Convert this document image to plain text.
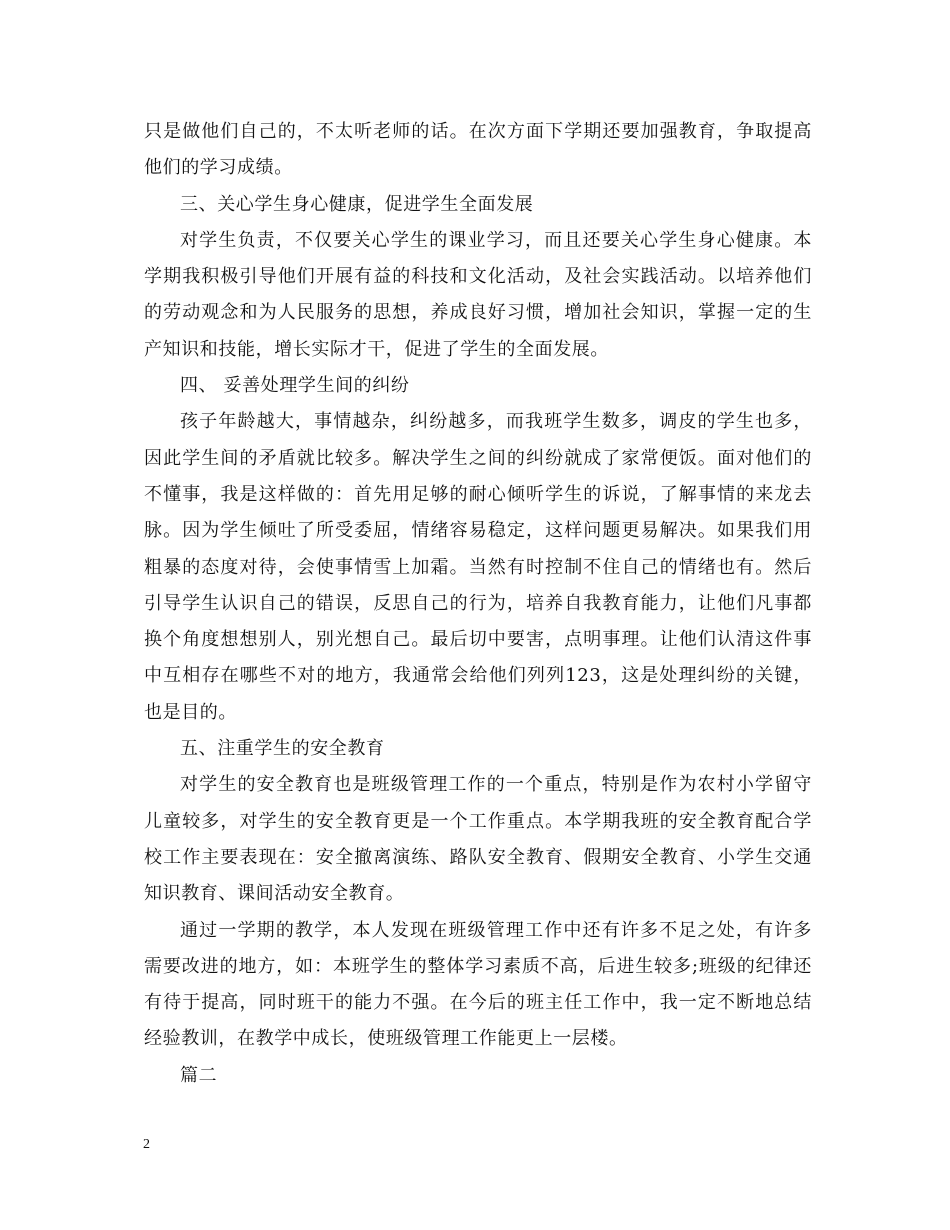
只是做他们自己的，不太听老师的话。在次方面下学期还要加强教育，争取提高他们的学习成绩。

三、关心学生身心健康，促进学生全面发展

对学生负责，不仅要关心学生的课业学习，而且还要关心学生身心健康。本学期我积极引导他们开展有益的科技和文化活动，及社会实践活动。以培养他们的劳动观念和为人民服务的思想，养成良好习惯，增加社会知识，掌握一定的生产知识和技能，增长实际才干，促进了学生的全面发展。

四、 妥善处理学生间的纠纷

孩子年龄越大，事情越杂，纠纷越多，而我班学生数多，调皮的学生也多，因此学生间的矛盾就比较多。解决学生之间的纠纷就成了家常便饭。面对他们的不懂事，我是这样做的：首先用足够的耐心倾听学生的诉说，了解事情的来龙去脉。因为学生倾吐了所受委屈，情绪容易稳定，这样问题更易解决。如果我们用粗暴的态度对待，会使事情雪上加霜。当然有时控制不住自己的情绪也有。然后引导学生认识自己的错误，反思自己的行为，培养自我教育能力，让他们凡事都换个角度想想别人，别光想自己。最后切中要害，点明事理。让他们认清这件事中互相存在哪些不对的地方，我通常会给他们列列123，这是处理纠纷的关键，也是目的。

五、注重学生的安全教育

对学生的安全教育也是班级管理工作的一个重点，特别是作为农村小学留守儿童较多，对学生的安全教育更是一个工作重点。本学期我班的安全教育配合学校工作主要表现在：安全撤离演练、路队安全教育、假期安全教育、小学生交通知识教育、课间活动安全教育。

通过一学期的教学，本人发现在班级管理工作中还有许多不足之处，有许多需要改进的地方，如：本班学生的整体学习素质不高，后进生较多;班级的纪律还有待于提高，同时班干的能力不强。在今后的班主任工作中，我一定不断地总结经验教训，在教学中成长，使班级管理工作能更上一层楼。

篇二

2
